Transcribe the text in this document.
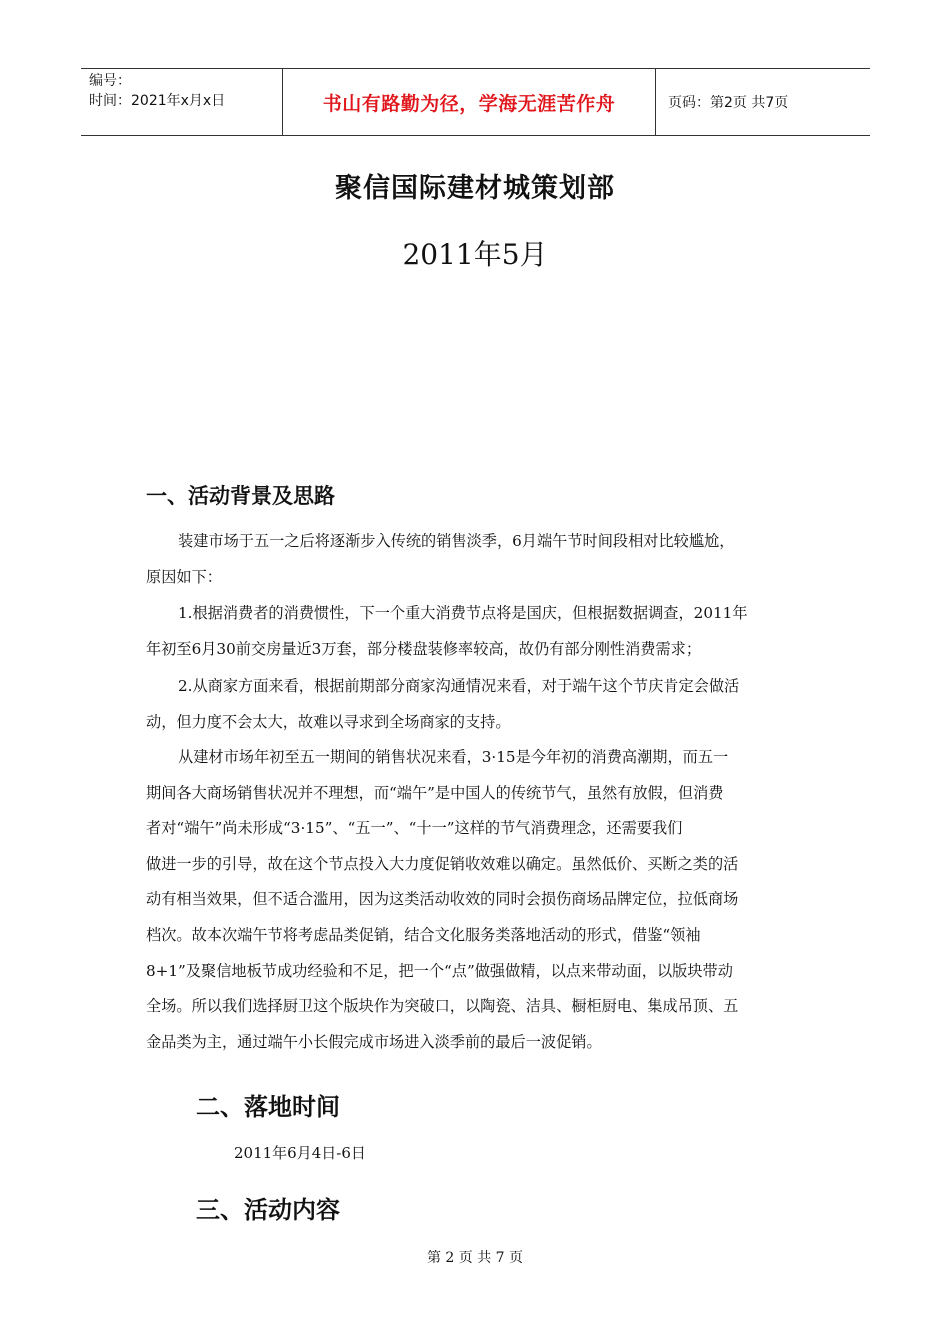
编号：
时间：2021年x月x日	书山有路勤为径，学海无涯苦作舟	页码：第2页 共7页
聚信国际建材城策划部
2011年5月
一、活动背景及思路
装建市场于五一之后将逐渐步入传统的销售淡季，6月端午节时间段相对比较尴尬，
原因如下：
1.根据消费者的消费惯性，下一个重大消费节点将是国庆，但根据数据调查，2011年
年初至6月30前交房量近3万套，部分楼盘装修率较高，故仍有部分刚性消费需求；
2.从商家方面来看，根据前期部分商家沟通情况来看，对于端午这个节庆肯定会做活
动，但力度不会太大，故难以寻求到全场商家的支持。
从建材市场年初至五一期间的销售状况来看，3·15是今年初的消费高潮期，而五一
期间各大商场销售状况并不理想，而“端午”是中国人的传统节气，虽然有放假，但消费
者对“端午”尚未形成“3·15”、“五一”、“十一”这样的节气消费理念，还需要我们
做进一步的引导，故在这个节点投入大力度促销收效难以确定。虽然低价、买断之类的活
动有相当效果，但不适合滥用，因为这类活动收效的同时会损伤商场品牌定位，拉低商场
档次。故本次端午节将考虑品类促销，结合文化服务类落地活动的形式，借鉴“领袖
8+1”及聚信地板节成功经验和不足，把一个“点”做强做精，以点来带动面，以版块带动
全场。所以我们选择厨卫这个版块作为突破口，以陶瓷、洁具、橱柜厨电、集成吊顶、五
金品类为主，通过端午小长假完成市场进入淡季前的最后一波促销。
二、落地时间
2011年6月4日-6日
三、活动内容
第 2 页 共 7 页
